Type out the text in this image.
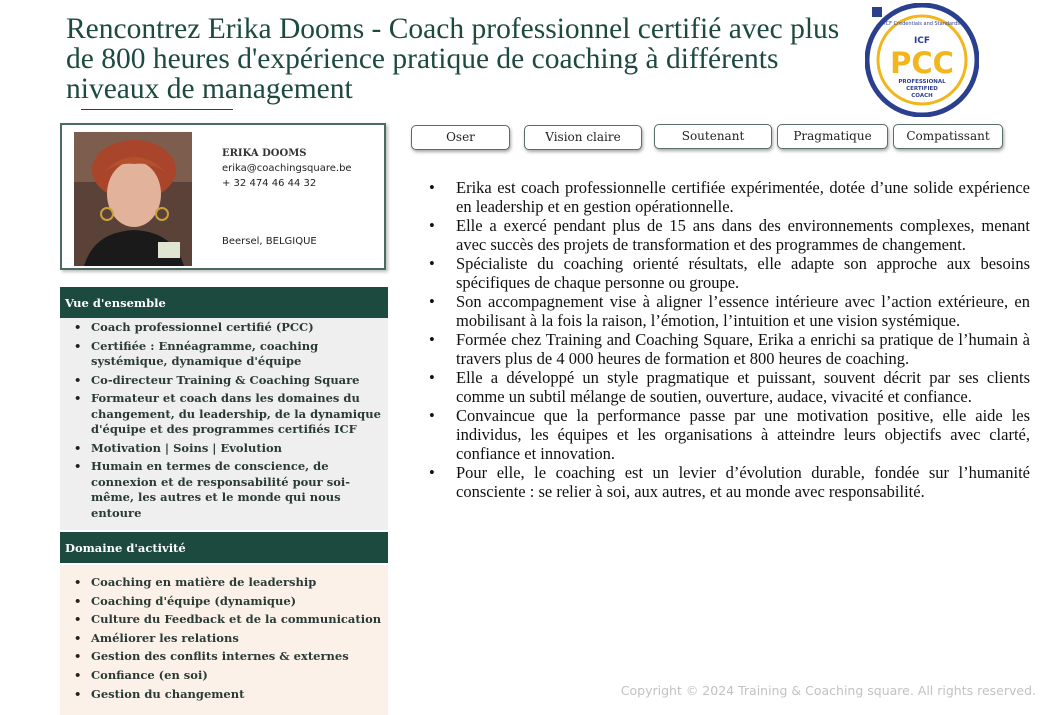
Rencontrez Erika Dooms - Coach professionnel certifié avec plus de 800 heures d'expérience pratique de coaching à différents niveaux de management
ICF Credentials and Standards
ICF
PCC
PROFESSIONAL
CERTIFIED
COACH
ERIKA DOOMS
erika@coachingsquare.be
+ 32 474 46 44 32
Beersel, BELGIQUE
Vue d'ensemble
• Coach professionnel certifié (PCC)
• Certifiée : Ennéagramme, coaching systémique, dynamique d'équipe
• Co-directeur Training & Coaching Square
• Formateur et coach dans les domaines du changement, du leadership, de la dynamique d'équipe et des programmes certifiés ICF
• Motivation | Soins | Evolution
• Humain en termes de conscience, de connexion et de responsabilité pour soi-même, les autres et le monde qui nous entoure
Domaine d'activité
• Coaching en matière de leadership
• Coaching d'équipe (dynamique)
• Culture du Feedback et de la communication
• Améliorer les relations
• Gestion des conflits internes & externes
• Confiance (en soi)
• Gestion du changement
Oser	Vision claire	Soutenant	Pragmatique	Compatissant
• Erika est coach professionnelle certifiée expérimentée, dotée d’une solide expérience en leadership et en gestion opérationnelle.
• Elle a exercé pendant plus de 15 ans dans des environnements complexes, menant avec succès des projets de transformation et des programmes de changement.
• Spécialiste du coaching orienté résultats, elle adapte son approche aux besoins spécifiques de chaque personne ou groupe.
• Son accompagnement vise à aligner l’essence intérieure avec l’action extérieure, en mobilisant à la fois la raison, l’émotion, l’intuition et une vision systémique.
• Formée chez Training and Coaching Square, Erika a enrichi sa pratique de l’humain à travers plus de 4 000 heures de formation et 800 heures de coaching.
• Elle a développé un style pragmatique et puissant, souvent décrit par ses clients comme un subtil mélange de soutien, ouverture, audace, vivacité et confiance.
• Convaincue que la performance passe par une motivation positive, elle aide les individus, les équipes et les organisations à atteindre leurs objectifs avec clarté, confiance et innovation.
• Pour elle, le coaching est un levier d’évolution durable, fondée sur l’humanité consciente : se relier à soi, aux autres, et au monde avec responsabilité.
Copyright © 2024 Training & Coaching square. All rights reserved.
